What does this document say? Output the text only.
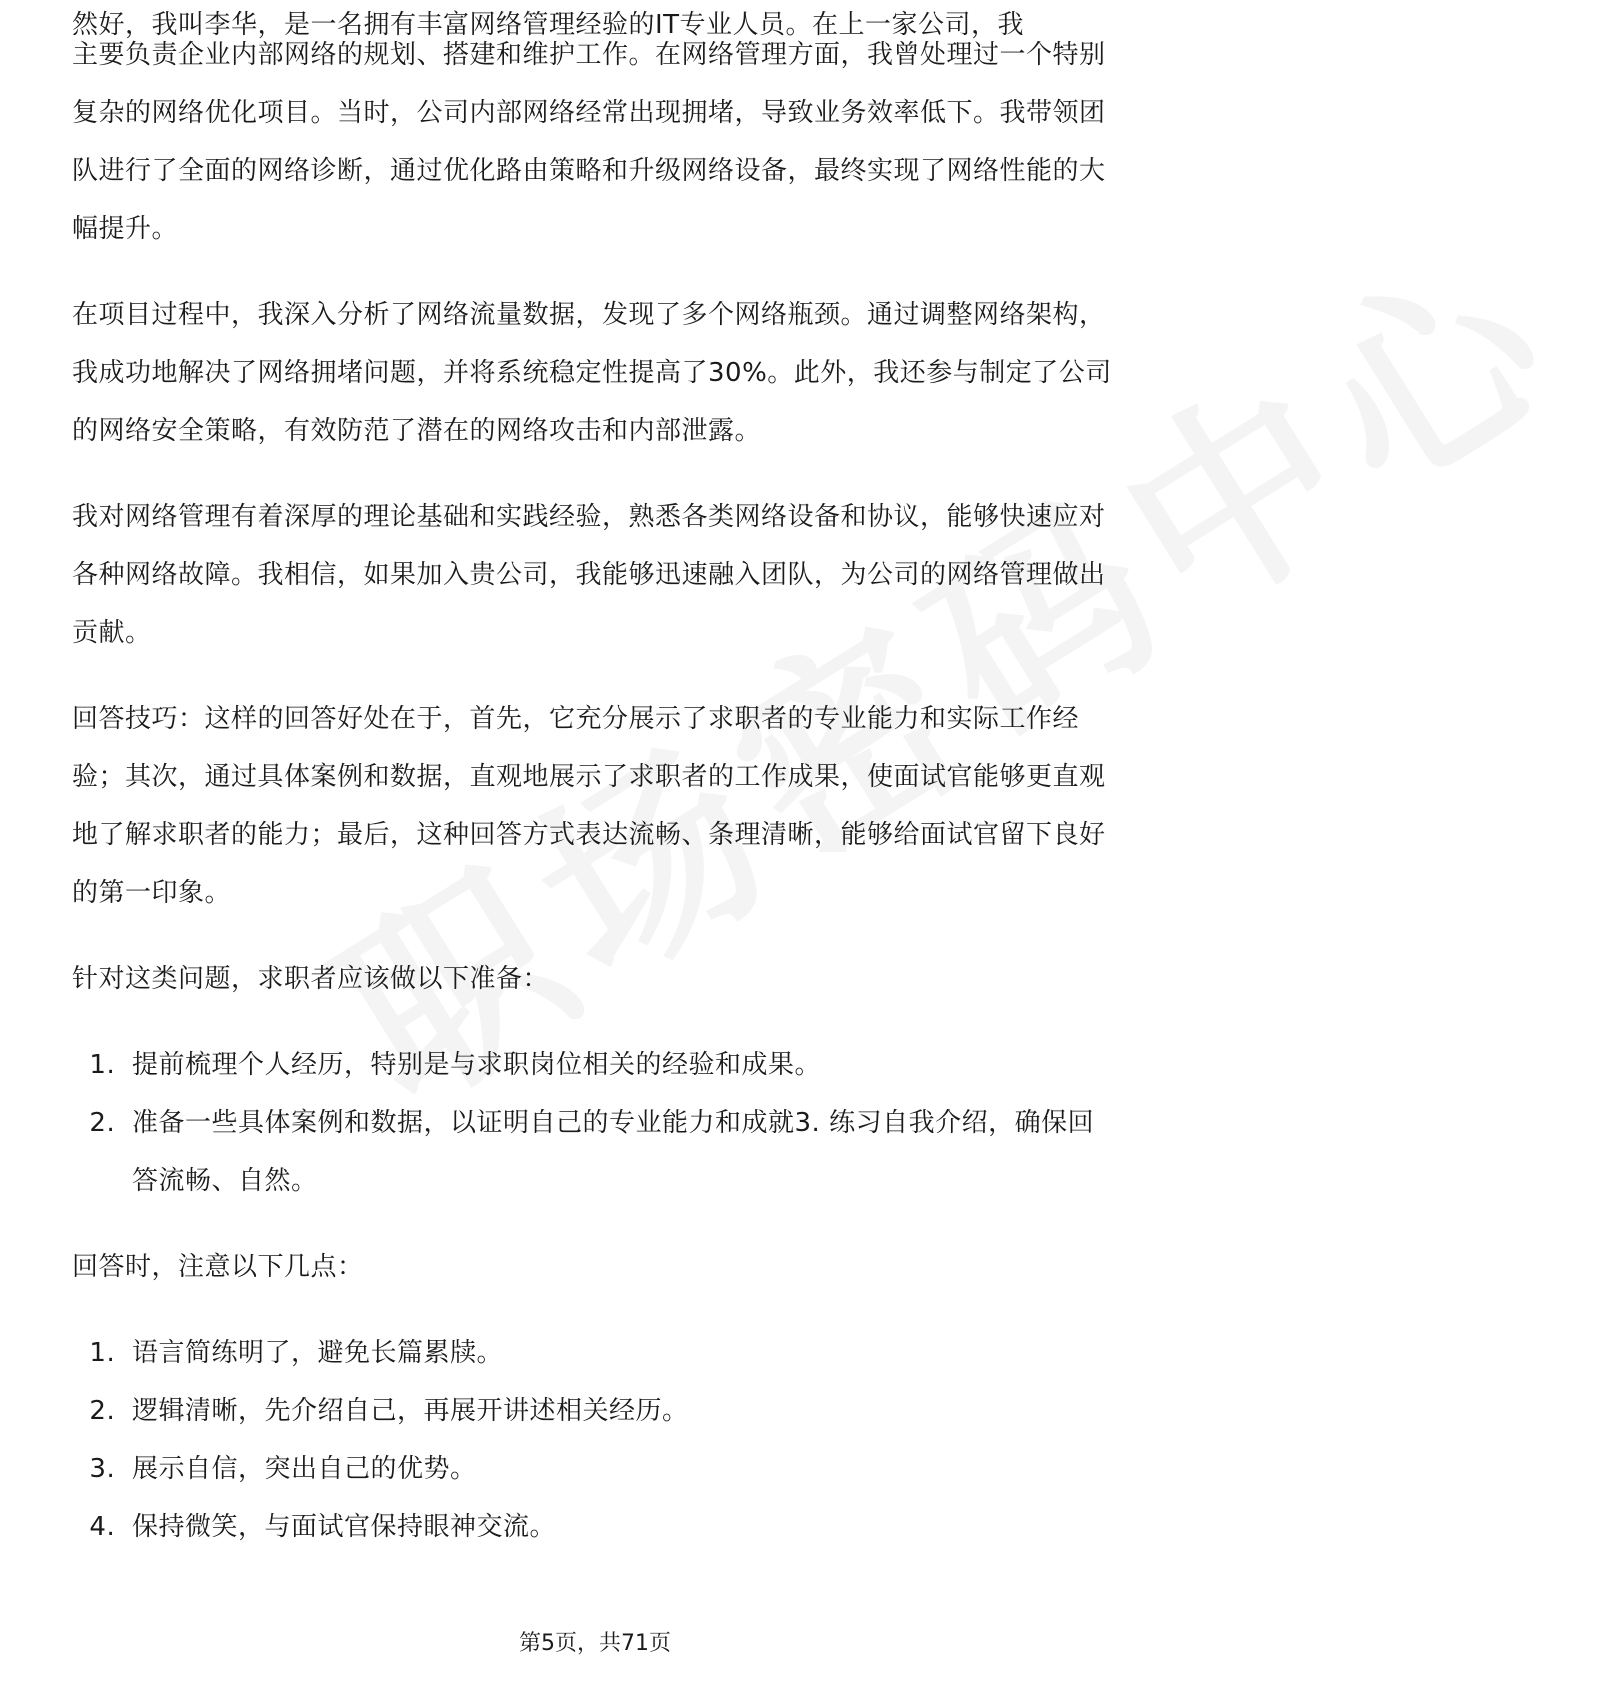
然好，我叫李华，是一名拥有丰富网络管理经验的IT专业人员。在上一家公司，我

主要负责企业内部网络的规划、搭建和维护工作。在网络管理方面，我曾处理过一个特别复杂的网络优化项目。当时，公司内部网络经常出现拥堵，导致业务效率低下。我带领团队进行了全面的网络诊断，通过优化路由策略和升级网络设备，最终实现了网络性能的大幅提升。

在项目过程中，我深入分析了网络流量数据，发现了多个网络瓶颈。通过调整网络架构，我成功地解决了网络拥堵问题，并将系统稳定性提高了30%。此外，我还参与制定了公司的网络安全策略，有效防范了潜在的网络攻击和内部泄露。

我对网络管理有着深厚的理论基础和实践经验，熟悉各类网络设备和协议，能够快速应对各种网络故障。我相信，如果加入贵公司，我能够迅速融入团队，为公司的网络管理做出贡献。

回答技巧：这样的回答好处在于，首先，它充分展示了求职者的专业能力和实际工作经验；其次，通过具体案例和数据，直观地展示了求职者的工作成果，使面试官能够更直观地了解求职者的能力；最后，这种回答方式表达流畅、条理清晰，能够给面试官留下良好的第一印象。

针对这类问题，求职者应该做以下准备：

1. 提前梳理个人经历，特别是与求职岗位相关的经验和成果。
2. 准备一些具体案例和数据，以证明自己的专业能力和成就3. 练习自我介绍，确保回答流畅、自然。

回答时，注意以下几点：

1. 语言简练明了，避免长篇累牍。
2. 逻辑清晰，先介绍自己，再展开讲述相关经历。
3. 展示自信，突出自己的优势。
4. 保持微笑，与面试官保持眼神交流。
第5页，共71页
